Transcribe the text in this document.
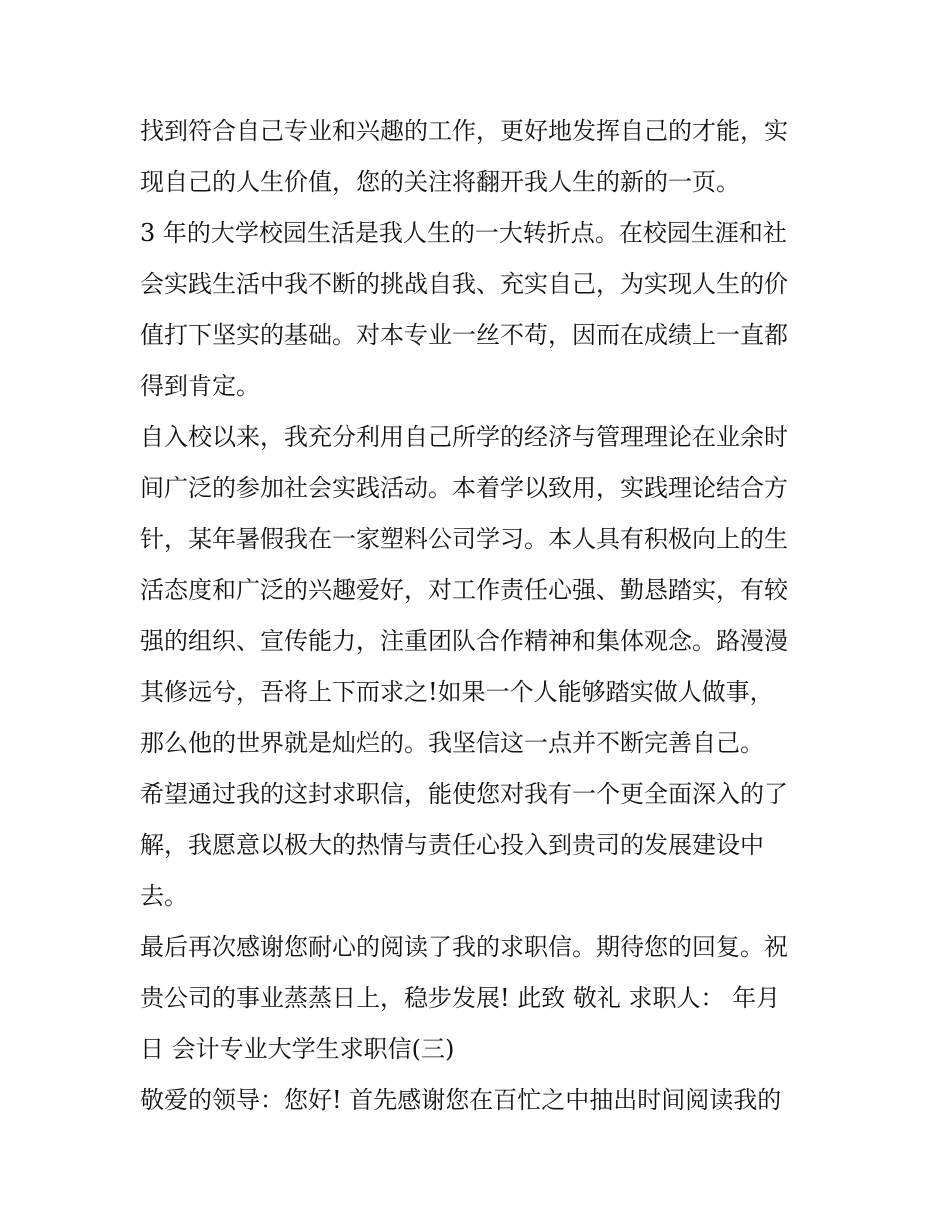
找到符合自己专业和兴趣的工作，更好地发挥自己的才能，实
现自己的人生价值，您的关注将翻开我人生的新的一页。
3 年的大学校园生活是我人生的一大转折点。在校园生涯和社
会实践生活中我不断的挑战自我、充实自己，为实现人生的价
值打下坚实的基础。对本专业一丝不苟，因而在成绩上一直都
得到肯定。
自入校以来，我充分利用自己所学的经济与管理理论在业余时
间广泛的参加社会实践活动。本着学以致用，实践理论结合方
针，某年暑假我在一家塑料公司学习。本人具有积极向上的生
活态度和广泛的兴趣爱好，对工作责任心强、勤恳踏实，有较
强的组织、宣传能力，注重团队合作精神和集体观念。路漫漫
其修远兮，吾将上下而求之!如果一个人能够踏实做人做事，
那么他的世界就是灿烂的。我坚信这一点并不断完善自己。
希望通过我的这封求职信，能使您对我有一个更全面深入的了
解，我愿意以极大的热情与责任心投入到贵司的发展建设中
去。
最后再次感谢您耐心的阅读了我的求职信。期待您的回复。祝
贵公司的事业蒸蒸日上，稳步发展! 此致 敬礼 求职人： 年月
日 会计专业大学生求职信(三)
敬爱的领导：您好! 首先感谢您在百忙之中抽出时间阅读我的
